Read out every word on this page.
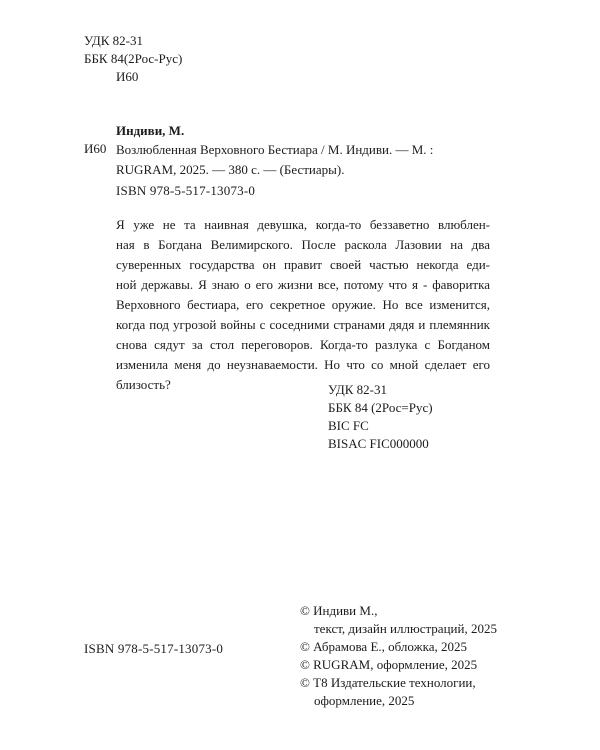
УДК 82-31
ББК 84(2Рос-Рус)
И60
Индиви, М.
И60 Возлюбленная Верховного Бестиара / М. Индиви. — М. :
RUGRAM, 2025. — 380 с. — (Бестиары).
ISBN 978-5-517-13073-0
Я уже не та наивная девушка, когда-то беззаветно влюблен-
ная в Богдана Велимирского. После раскола Лазовии на два
суверенных государства он правит своей частью некогда еди-
ной державы. Я знаю о его жизни все, потому что я - фаворитка
Верховного бестиара, его секретное оружие. Но все изменится,
когда под угрозой войны с соседними странами дядя и племянник
снова сядут за стол переговоров. Когда-то разлука с Богданом
изменила меня до неузнаваемости. Но что со мной сделает его
близость?	УДК 82-31
ББК 84 (2Рос=Рус)
BIC FC
BISAC FIC000000
© Индиви М.,
текст, дизайн иллюстраций, 2025
© Абрамова Е., обложка, 2025
© RUGRAM, оформление, 2025
© Т8 Издательские технологии,
оформление, 2025
ISBN 978-5-517-13073-0
